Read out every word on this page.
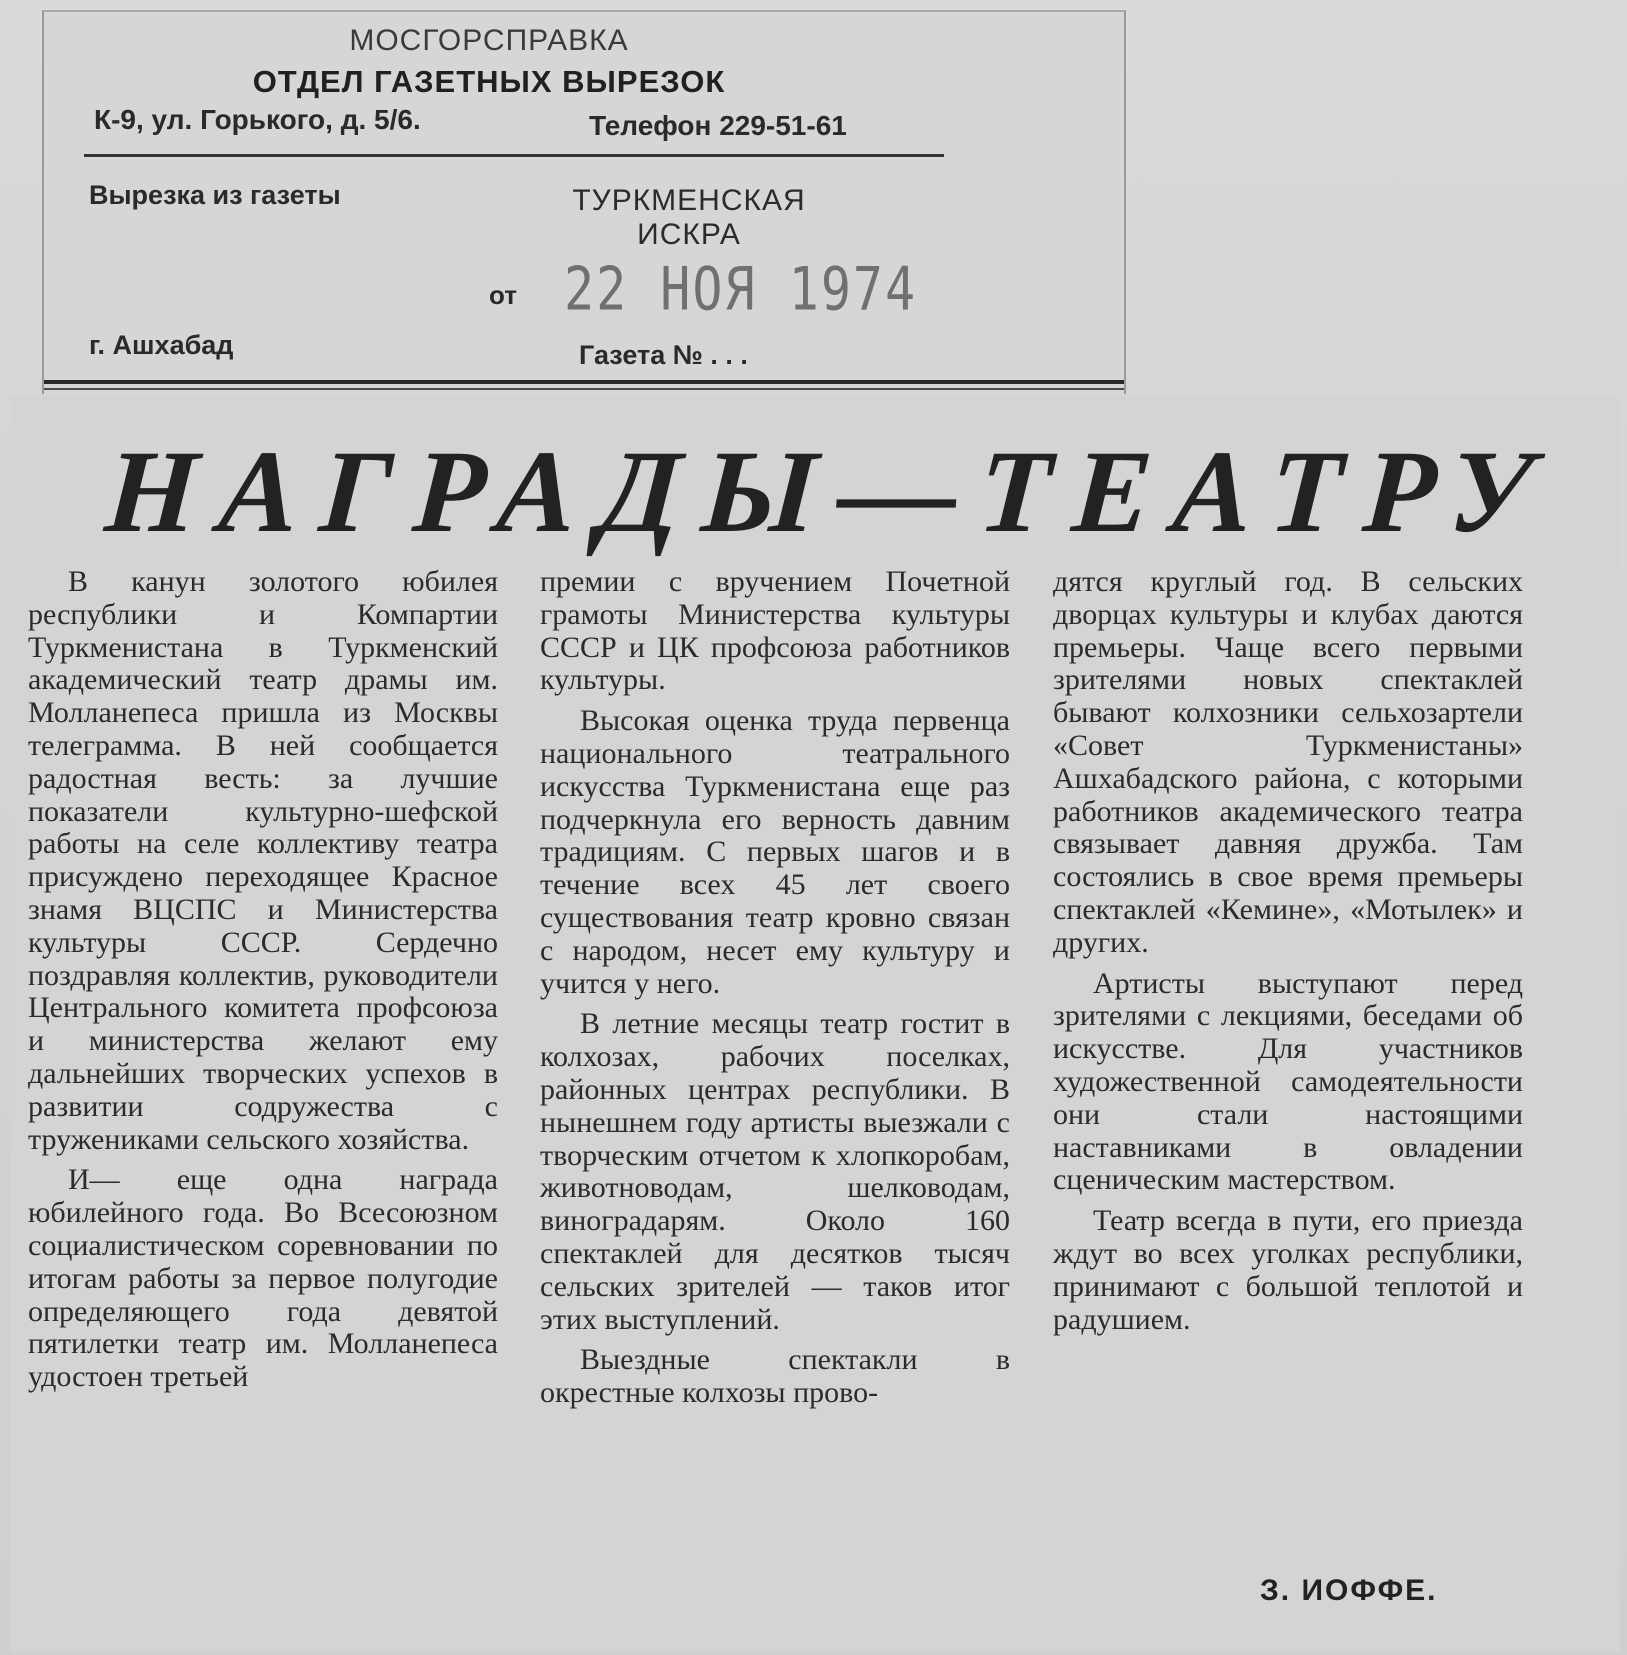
МОСГОРСПРАВКА
ОТДЕЛ ГАЗЕТНЫХ ВЫРЕЗОК
К-9, ул. Горького, д. 5/6.	Телефон 229-51-61
Вырезка из газеты	ТУРКМЕНСКАЯ
ИСКРА
от 22 НОЯ 1974
г. Ашхабад	Газета № . . .
НАГРАДЫ—ТЕАТРУ

В канун золотого юбилея республики и Компартии Туркменистана в Туркменский академический театр драмы им. Молланепеса пришла из Москвы телеграмма. В ней сообщается радостная весть: за лучшие показатели культурно-шефской работы на селе коллективу театра присуждено переходящее Красное знамя ВЦСПС и Министерства культуры СССР. Сердечно поздравляя коллектив, руководители Центрального комитета профсоюза и министерства желают ему дальнейших творческих успехов в развитии содружества с тружениками сельского хозяйства.

И— еще одна награда юбилейного года. Во Всесоюзном социалистическом соревновании по итогам работы за первое полугодие определяющего года девятой пятилетки театр им. Молланепеса удостоен третьей

премии с вручением Почетной грамоты Министерства культуры СССР и ЦК профсоюза работников культуры.

Высокая оценка труда первенца национального театрального искусства Туркменистана еще раз подчеркнула его верность давним традициям. С первых шагов и в течение всех 45 лет своего существования театр кровно связан с народом, несет ему культуру и учится у него.

В летние месяцы театр гостит в колхозах, рабочих поселках, районных центрах республики. В нынешнем году артисты выезжали с творческим отчетом к хлопкоробам, животноводам, шелководам, виноградарям. Около 160 спектаклей для десятков тысяч сельских зрителей — таков итог этих выступлений.

Выездные спектакли в окрестные колхозы прово-

дятся круглый год. В сельских дворцах культуры и клубах даются премьеры. Чаще всего первыми зрителями новых спектаклей бывают колхозники сельхозартели «Совет Туркменистаны» Ашхабадского района, с которыми работников академического театра связывает давняя дружба. Там состоялись в свое время премьеры спектаклей «Кемине», «Мотылек» и других.

Артисты выступают перед зрителями с лекциями, беседами об искусстве. Для участников художественной самодеятельности они стали настоящими наставниками в овладении сценическим мастерством.

Театр всегда в пути, его приезда ждут во всех уголках республики, принимают с большой теплотой и радушием.

З. ИОФФЕ.
